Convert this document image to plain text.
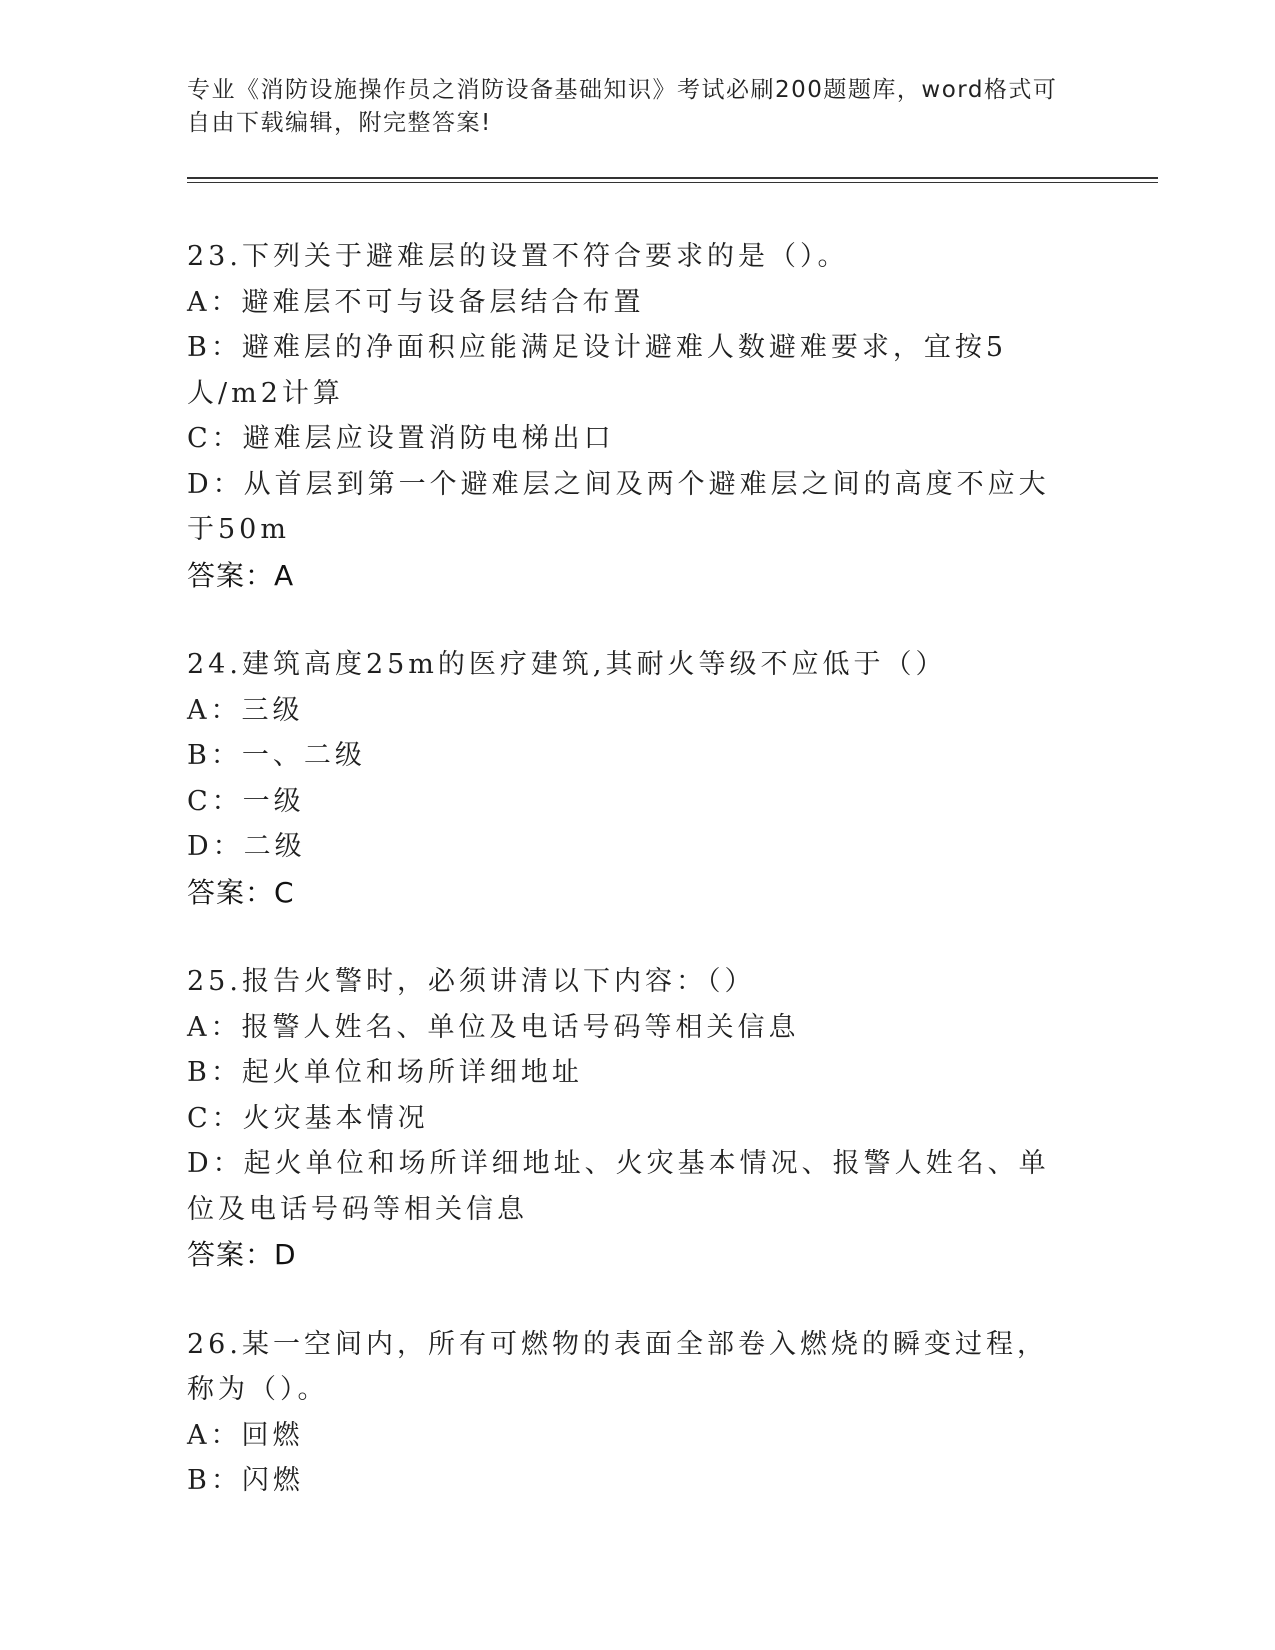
专业《消防设施操作员之消防设备基础知识》考试必刷200题题库，word格式可自由下载编辑，附完整答案!

23.下列关于避难层的设置不符合要求的是（）。

A：避难层不可与设备层结合布置

B：避难层的净面积应能满足设计避难人数避难要求，宜按5人/m2计算

C：避难层应设置消防电梯出口

D：从首层到第一个避难层之间及两个避难层之间的高度不应大于50m

答案：A

24.建筑高度25m的医疗建筑,其耐火等级不应低于（）

A：三级

B：一、二级

C：一级

D：二级

答案：C

25.报告火警时，必须讲清以下内容：（）

A：报警人姓名、单位及电话号码等相关信息

B：起火单位和场所详细地址

C：火灾基本情况

D：起火单位和场所详细地址、火灾基本情况、报警人姓名、单位及电话号码等相关信息

答案：D

26.某一空间内，所有可燃物的表面全部卷入燃烧的瞬变过程，称为（）。

A：回燃

B：闪燃
